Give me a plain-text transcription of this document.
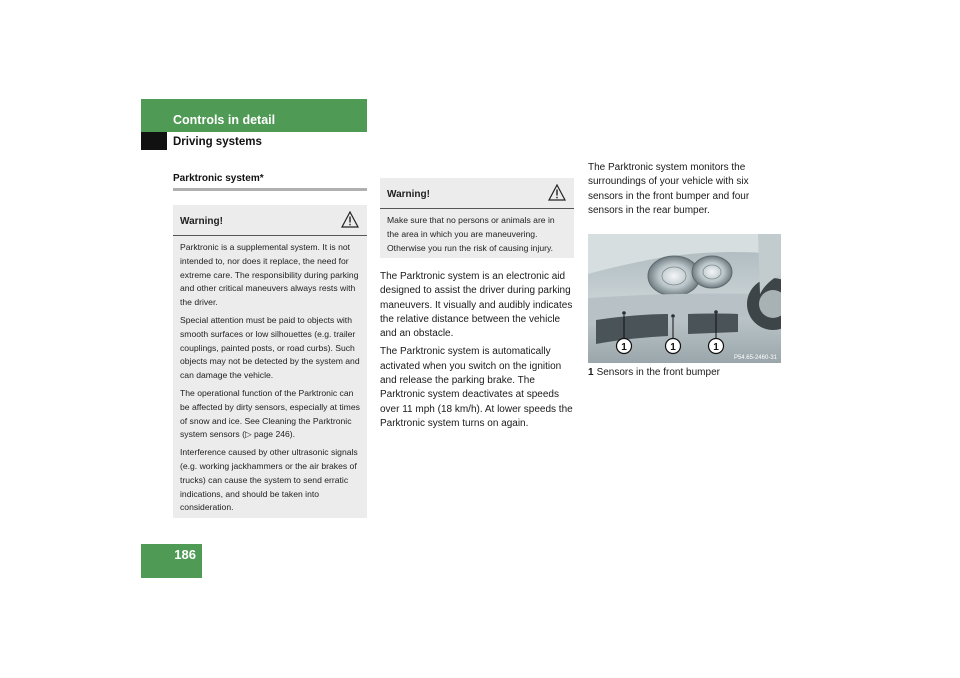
Controls in detail
Driving systems
186
Parktronic system*
Warning!

Parktronic is a supplemental system. It is not intended to, nor does it replace, the need for extreme care. The responsibility during parking and other critical maneuvers always rests with the driver.

Special attention must be paid to objects with smooth surfaces or low silhouettes (e.g. trailer couplings, painted posts, or road curbs). Such objects may not be detected by the system and can damage the vehicle.

The operational function of the Parktronic can be affected by dirty sensors, especially at times of snow and ice. See Cleaning the Parktronic system sensors (▷ page 246).

Interference caused by other ultrasonic signals (e.g. working jackhammers or the air brakes of trucks) can cause the system to send erratic indications, and should be taken into consideration.

Warning!

Make sure that no persons or animals are in the area in which you are maneuvering. Otherwise you run the risk of causing injury.

The Parktronic system is an electronic aid designed to assist the driver during parking maneuvers. It visually and audibly indicates the relative distance between the vehicle and an obstacle.

The Parktronic system is automatically activated when you switch on the ignition and release the parking brake. The Parktronic system deactivates at speeds over 11 mph (18 km/h). At lower speeds the Parktronic system turns on again.

The Parktronic system monitors the surroundings of your vehicle with six sensors in the front bumper and four sensors in the rear bumper.
1	1	1
P54.65-2460-31
1 Sensors in the front bumper
